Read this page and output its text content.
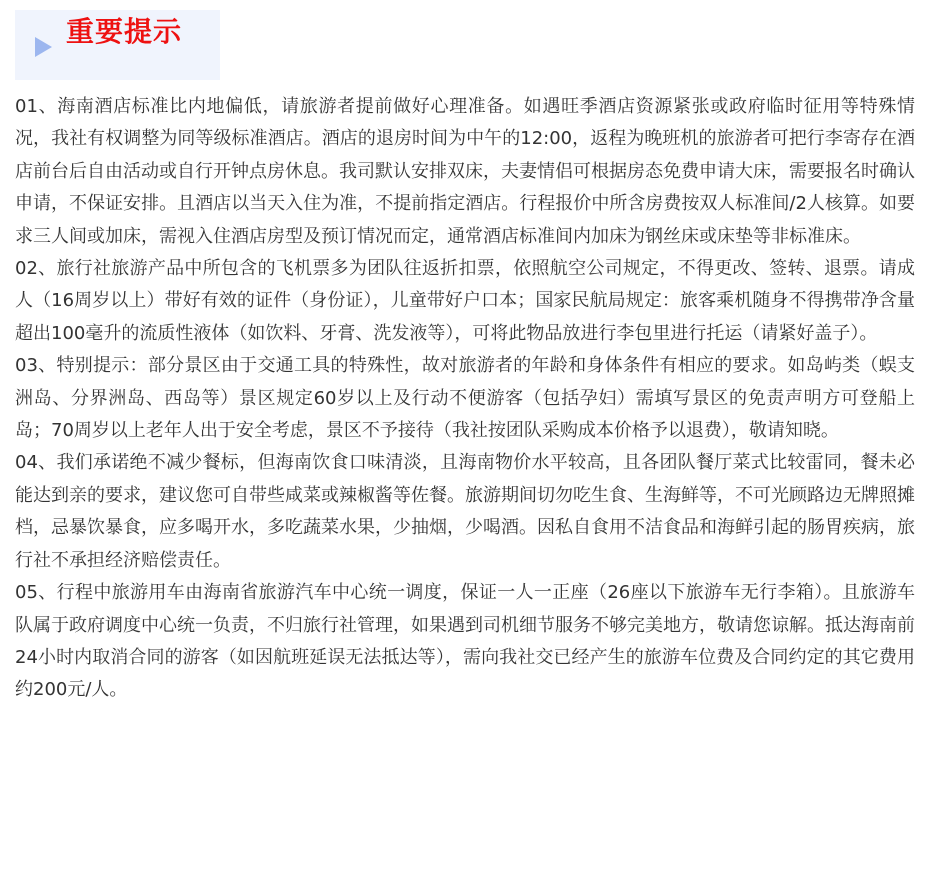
重要提示

01、海南酒店标准比内地偏低，请旅游者提前做好心理准备。如遇旺季酒店资源紧张或政府临时征用等特殊情况，我社有权调整为同等级标准酒店。酒店的退房时间为中午的12:00，返程为晚班机的旅游者可把行李寄存在酒店前台后自由活动或自行开钟点房休息。我司默认安排双床，夫妻情侣可根据房态免费申请大床，需要报名时确认申请，不保证安排。且酒店以当天入住为准，不提前指定酒店。行程报价中所含房费按双人标准间/2人核算。如要求三人间或加床，需视入住酒店房型及预订情况而定，通常酒店标准间内加床为钢丝床或床垫等非标准床。

02、旅行社旅游产品中所包含的飞机票多为团队往返折扣票，依照航空公司规定，不得更改、签转、退票。请成人（16周岁以上）带好有效的证件（身份证），儿童带好户口本；国家民航局规定：旅客乘机随身不得携带净含量超出100毫升的流质性液体（如饮料、牙膏、洗发液等），可将此物品放进行李包里进行托运（请紧好盖子）。

03、特别提示：部分景区由于交通工具的特殊性，故对旅游者的年龄和身体条件有相应的要求。如岛屿类（蜈支洲岛、分界洲岛、西岛等）景区规定60岁以上及行动不便游客（包括孕妇）需填写景区的免责声明方可登船上岛；70周岁以上老年人出于安全考虑，景区不予接待（我社按团队采购成本价格予以退费），敬请知晓。

04、我们承诺绝不减少餐标，但海南饮食口味清淡，且海南物价水平较高，且各团队餐厅菜式比较雷同，餐未必能达到亲的要求，建议您可自带些咸菜或辣椒酱等佐餐。旅游期间切勿吃生食、生海鲜等，不可光顾路边无牌照摊档，忌暴饮暴食，应多喝开水，多吃蔬菜水果，少抽烟，少喝酒。因私自食用不洁食品和海鲜引起的肠胃疾病，旅行社不承担经济赔偿责任。

05、行程中旅游用车由海南省旅游汽车中心统一调度，保证一人一正座（26座以下旅游车无行李箱）。且旅游车队属于政府调度中心统一负责，不归旅行社管理，如果遇到司机细节服务不够完美地方，敬请您谅解。抵达海南前24小时内取消合同的游客（如因航班延误无法抵达等），需向我社交已经产生的旅游车位费及合同约定的其它费用约200元/人。
